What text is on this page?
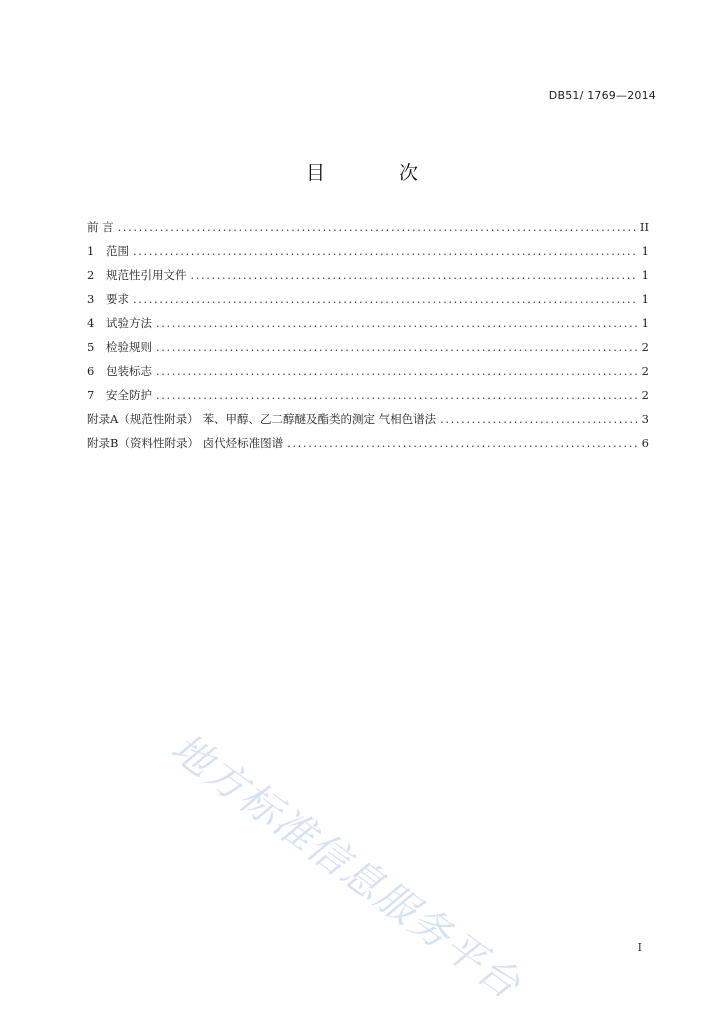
DB51/ 1769—2014
目 次
前 言 .....	II
1	范围 .....	1
2	规范性引用文件 .....	1
3	要求 .....	1
4	试验方法 .....	1
5	检验规则 .....	2
6	包装标志 .....	2
7	安全防护 .....	2
附录A（规范性附录） 苯、甲醇、乙二醇醚及酯类的测定 气相色谱法 .....	3
附录B（资料性附录） 卤代烃标准图谱 .....	6
地方标准信息服务平台	I
